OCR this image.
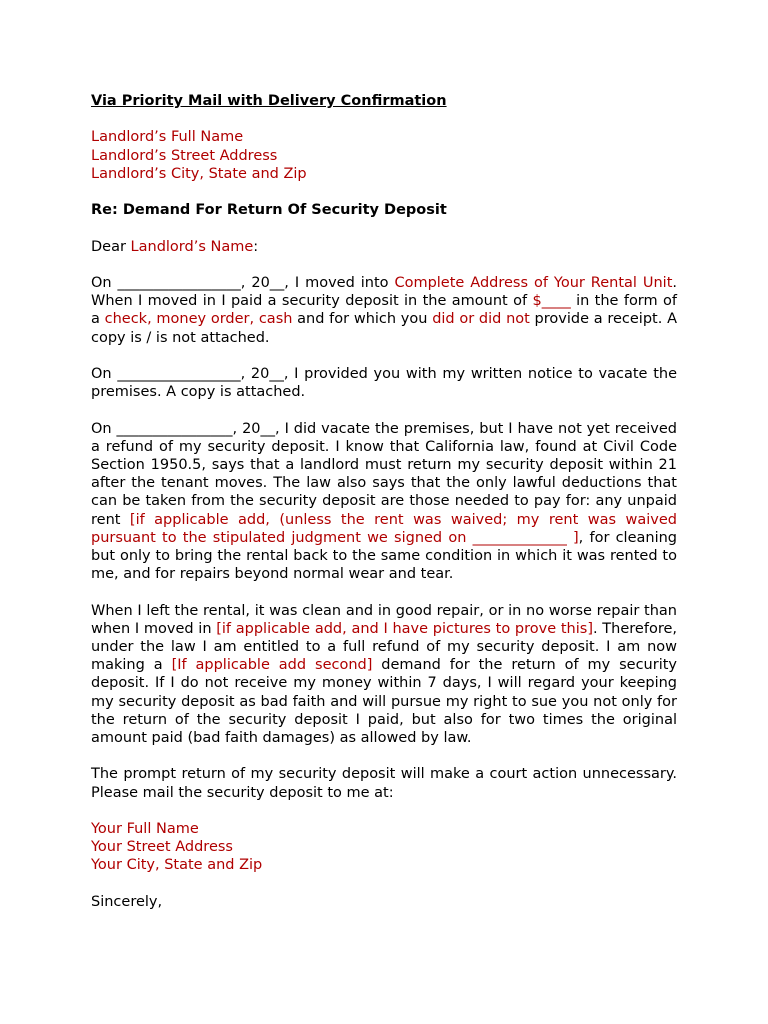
Via Priority Mail with Delivery Confirmation

Landlord’s Full Name
Landlord’s Street Address
Landlord’s City, State and Zip

Re: Demand For Return Of Security Deposit

Dear Landlord’s Name:

On _________________, 20__, I moved into Complete Address of Your Rental Unit. When I moved in I paid a security deposit in the amount of $____ in the form of a check, money order, cash and for which you did or did not provide a receipt. A copy is / is not attached.

On _________________, 20__, I provided you with my written notice to vacate the premises. A copy is attached.

On ________________, 20__, I did vacate the premises, but I have not yet received a refund of my security deposit. I know that California law, found at Civil Code Section 1950.5, says that a landlord must return my security deposit within 21 after the tenant moves. The law also says that the only lawful deductions that can be taken from the security deposit are those needed to pay for: any unpaid rent [if applicable add, (unless the rent was waived; my rent was waived pursuant to the stipulated judgment we signed on _____________ ], for cleaning but only to bring the rental back to the same condition in which it was rented to me, and for repairs beyond normal wear and tear.

When I left the rental, it was clean and in good repair, or in no worse repair than when I moved in [if applicable add, and I have pictures to prove this]. Therefore, under the law I am entitled to a full refund of my security deposit. I am now making a [If applicable add second] demand for the return of my security deposit. If I do not receive my money within 7 days, I will regard your keeping my security deposit as bad faith and will pursue my right to sue you not only for the return of the security deposit I paid, but also for two times the original amount paid (bad faith damages) as allowed by law.

The prompt return of my security deposit will make a court action unnecessary. Please mail the security deposit to me at:

Your Full Name
Your Street Address
Your City, State and Zip

Sincerely,
